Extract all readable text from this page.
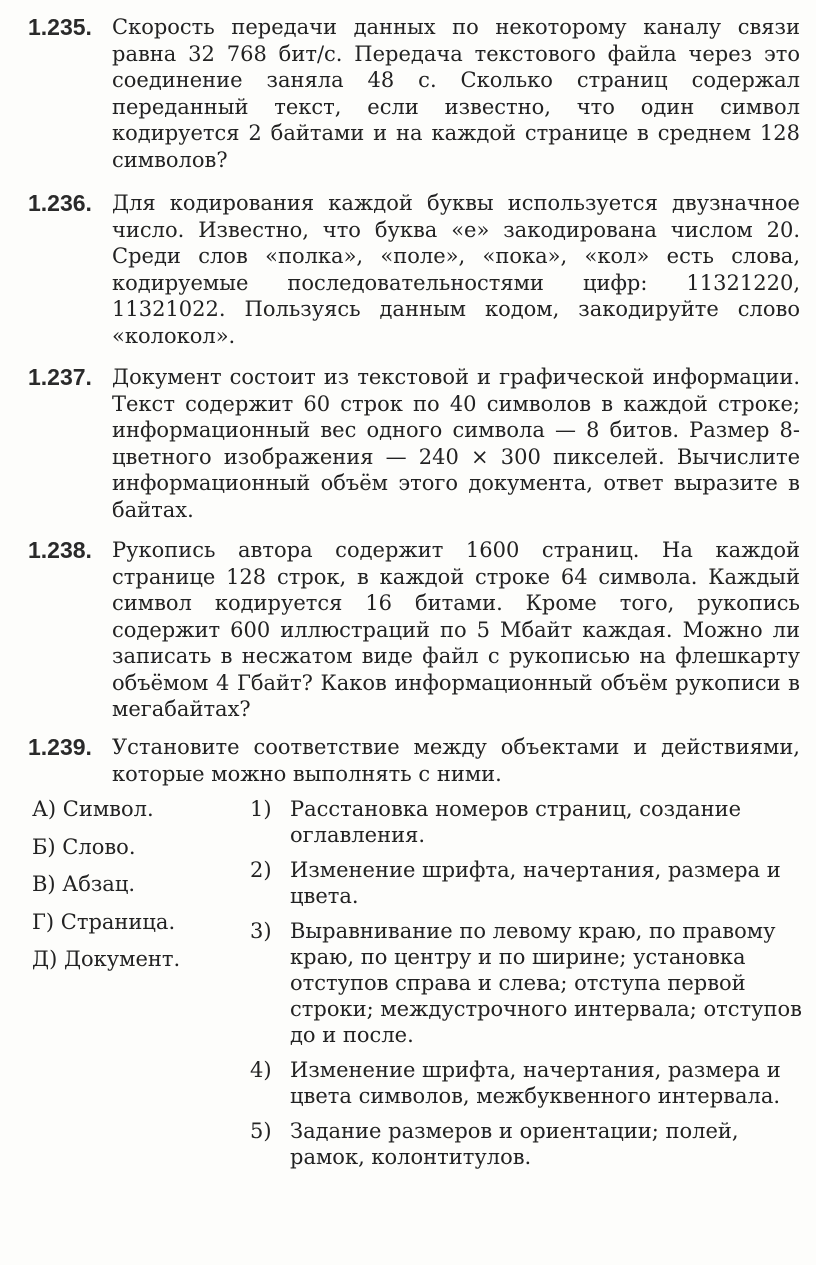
1.235. Скорость передачи данных по некоторому каналу связи равна 32 768 бит/с. Передача текстового файла через это соединение заняла 48 с. Сколько страниц содержал переданный текст, если известно, что один символ кодируется 2 байтами и на каждой странице в среднем 128 символов?
1.236. Для кодирования каждой буквы используется двузначное число. Известно, что буква «е» закодирована числом 20. Среди слов «полка», «поле», «пока», «кол» есть слова, кодируемые последовательностями цифр: 11321220, 11321022. Пользуясь данным кодом, закодируйте слово «колокол».
1.237. Документ состоит из текстовой и графической информации. Текст содержит 60 строк по 40 символов в каждой строке; информационный вес одного символа — 8 битов. Размер 8-цветного изображения — 240 × 300 пикселей. Вычислите информационный объём этого документа, ответ выразите в байтах.
1.238. Рукопись автора содержит 1600 страниц. На каждой странице 128 строк, в каждой строке 64 символа. Каждый символ кодируется 16 битами. Кроме того, рукопись содержит 600 иллюстраций по 5 Мбайт каждая. Можно ли записать в несжатом виде файл с рукописью на флешкарту объёмом 4 Гбайт? Каков информационный объём рукописи в мегабайтах?
1.239. Установите соответствие между объектами и действиями, которые можно выполнять с ними.
А) Символ.
Б) Слово.
В) Абзац.
Г) Страница.
Д) Документ.
1) Расстановка номеров страниц, создание оглавления.
2) Изменение шрифта, начертания, размера и цвета.
3) Выравнивание по левому краю, по правому краю, по центру и по ширине; установка отступов справа и слева; отступа первой строки; междустрочного интервала; отступов до и после.
4) Изменение шрифта, начертания, размера и цвета символов, межбуквенного интервала.
5) Задание размеров и ориентации; полей, рамок, колонтитулов.
